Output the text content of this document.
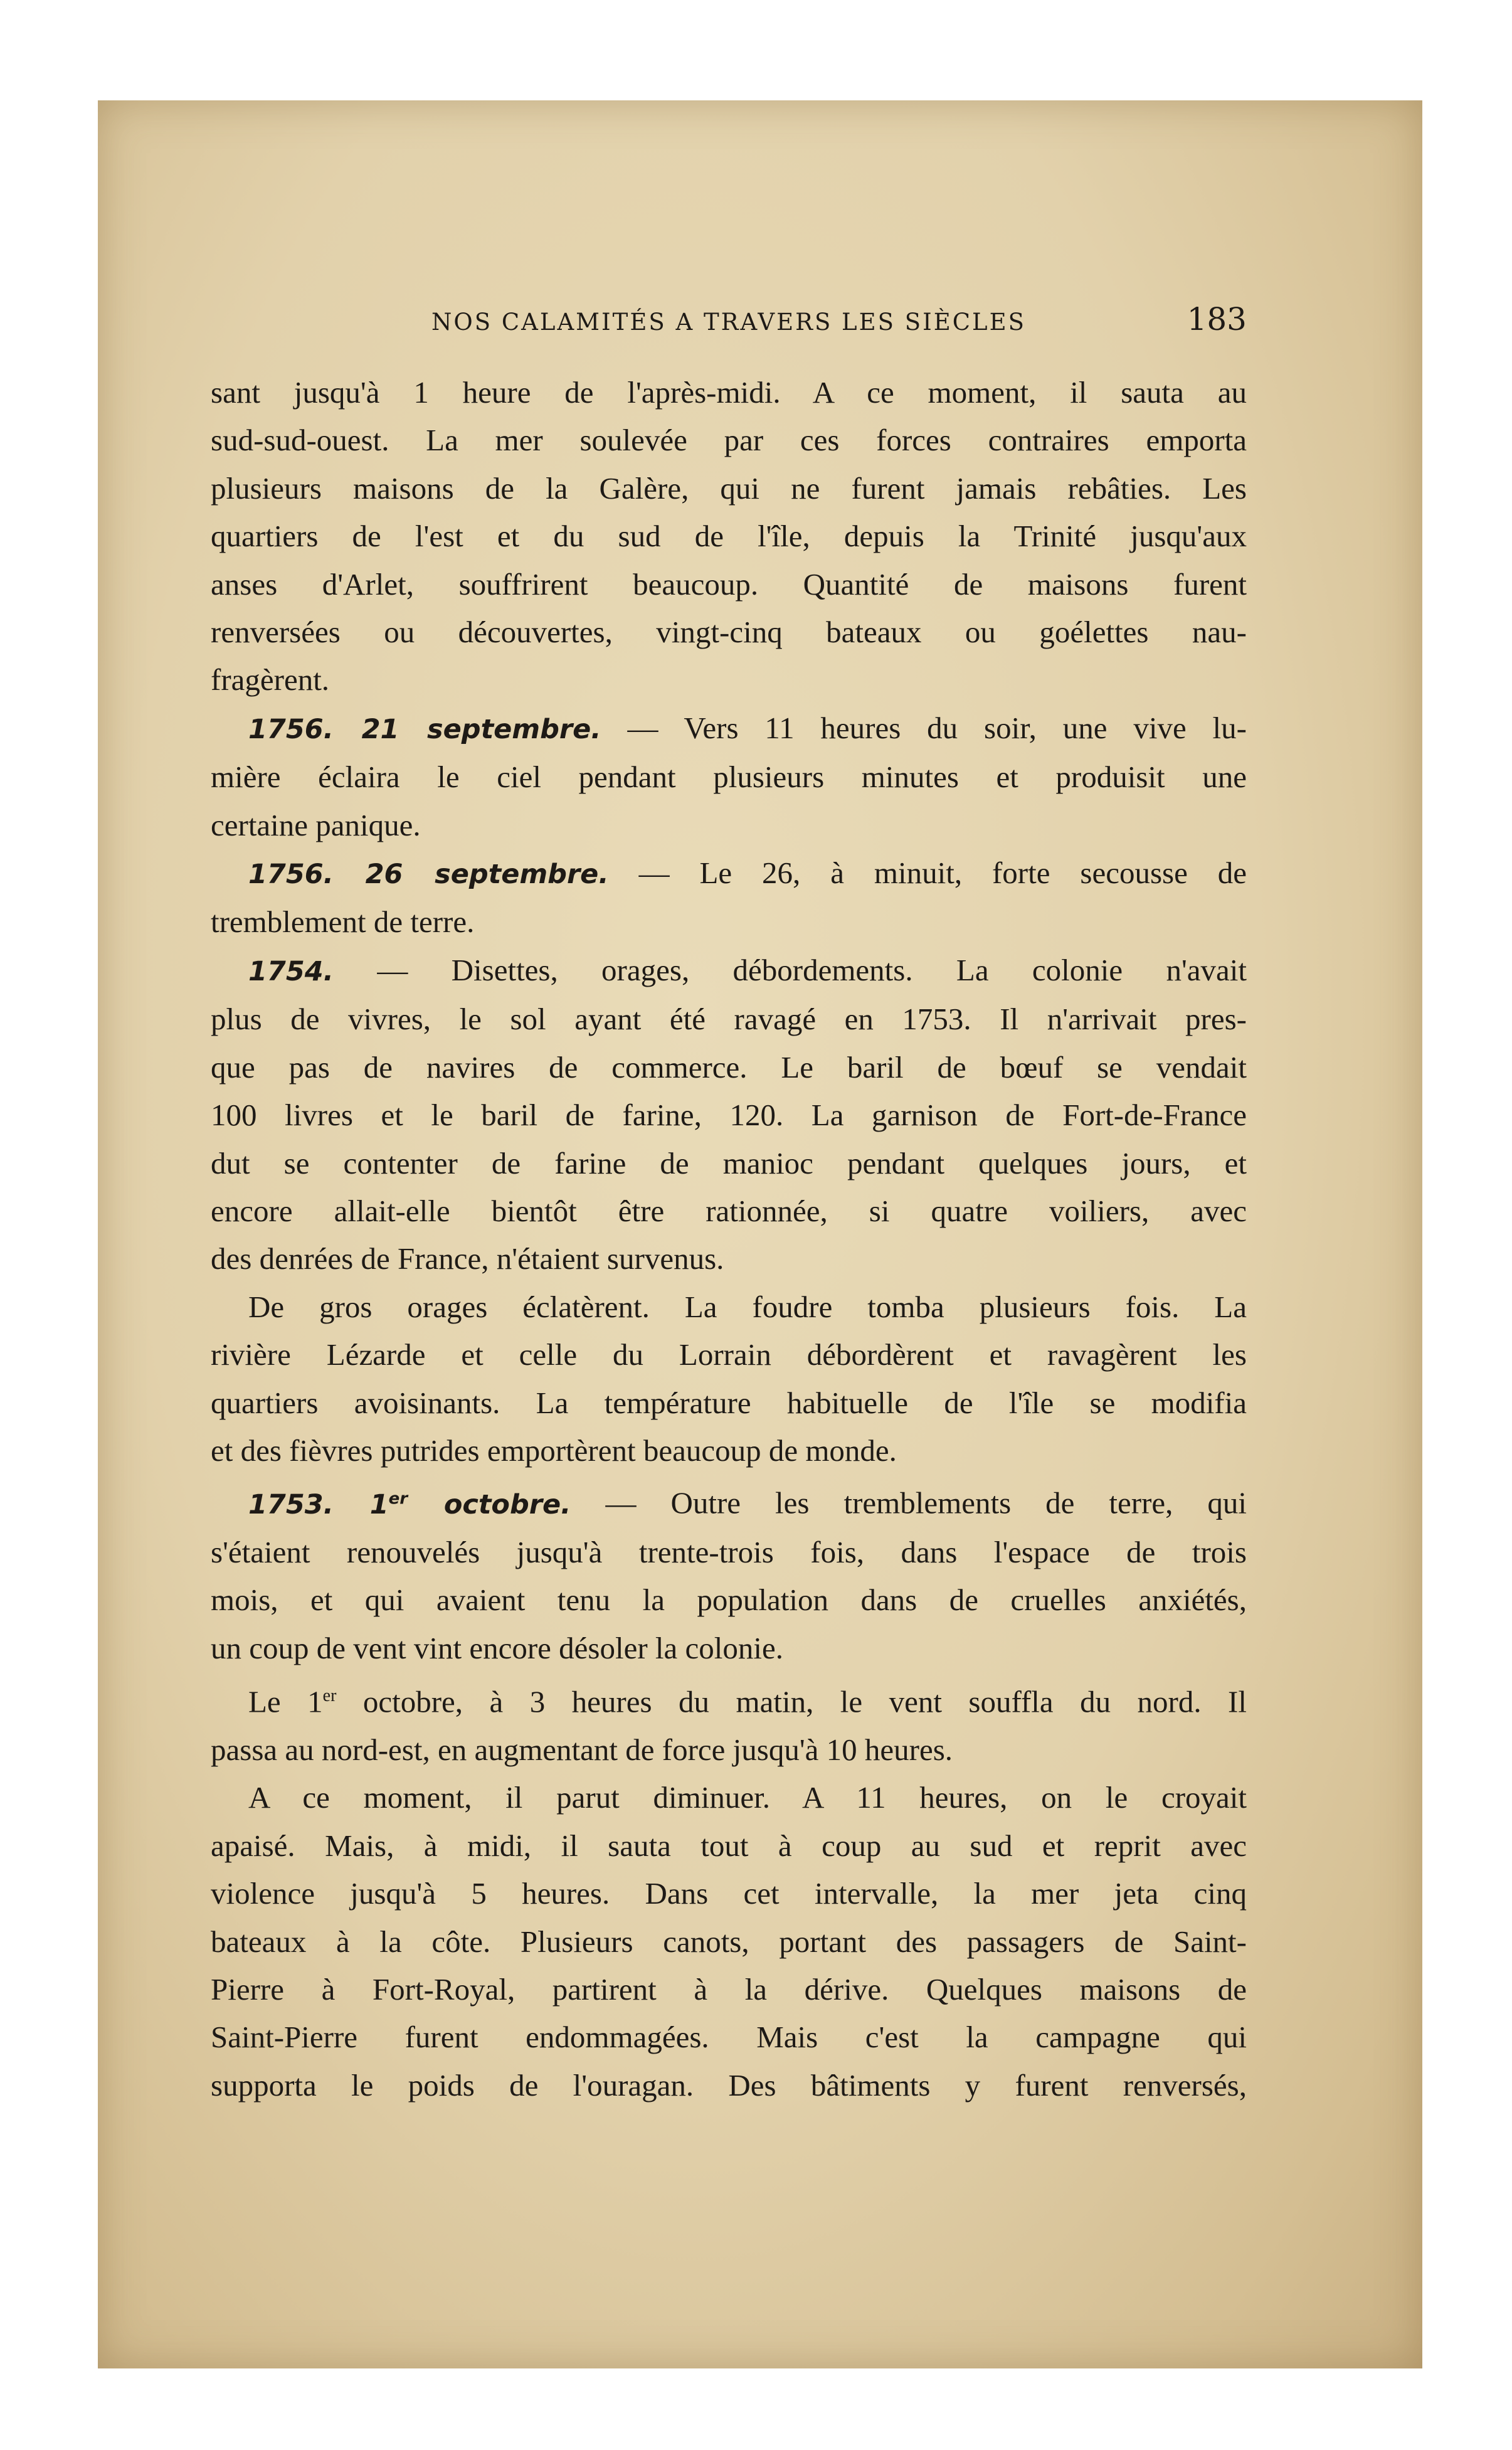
NOS CALAMITÉS A TRAVERS LES SIÈCLES	183
sant jusqu'à 1 heure de l'après-midi. A ce moment, il sauta au
sud-sud-ouest. La mer soulevée par ces forces contraires emporta
plusieurs maisons de la Galère, qui ne furent jamais rebâties. Les
quartiers de l'est et du sud de l'île, depuis la Trinité jusqu'aux
anses d'Arlet, souffrirent beaucoup. Quantité de maisons furent
renversées ou découvertes, vingt-cinq bateaux ou goélettes nau-
fragèrent.
1756. 21 septembre. — Vers 11 heures du soir, une vive lu-
mière éclaira le ciel pendant plusieurs minutes et produisit une
certaine panique.
1756. 26 septembre. — Le 26, à minuit, forte secousse de
tremblement de terre.
1754. — Disettes, orages, débordements. La colonie n'avait
plus de vivres, le sol ayant été ravagé en 1753. Il n'arrivait pres-
que pas de navires de commerce. Le baril de bœuf se vendait
100 livres et le baril de farine, 120. La garnison de Fort-de-France
dut se contenter de farine de manioc pendant quelques jours, et
encore allait-elle bientôt être rationnée, si quatre voiliers, avec
des denrées de France, n'étaient survenus.
De gros orages éclatèrent. La foudre tomba plusieurs fois. La
rivière Lézarde et celle du Lorrain débordèrent et ravagèrent les
quartiers avoisinants. La température habituelle de l'île se modifia
et des fièvres putrides emportèrent beaucoup de monde.
1753. 1er octobre. — Outre les tremblements de terre, qui
s'étaient renouvelés jusqu'à trente-trois fois, dans l'espace de trois
mois, et qui avaient tenu la population dans de cruelles anxiétés,
un coup de vent vint encore désoler la colonie.
Le 1er octobre, à 3 heures du matin, le vent souffla du nord. Il
passa au nord-est, en augmentant de force jusqu'à 10 heures.
A ce moment, il parut diminuer. A 11 heures, on le croyait
apaisé. Mais, à midi, il sauta tout à coup au sud et reprit avec
violence jusqu'à 5 heures. Dans cet intervalle, la mer jeta cinq
bateaux à la côte. Plusieurs canots, portant des passagers de Saint-
Pierre à Fort-Royal, partirent à la dérive. Quelques maisons de
Saint-Pierre furent endommagées. Mais c'est la campagne qui
supporta le poids de l'ouragan. Des bâtiments y furent renversés,
